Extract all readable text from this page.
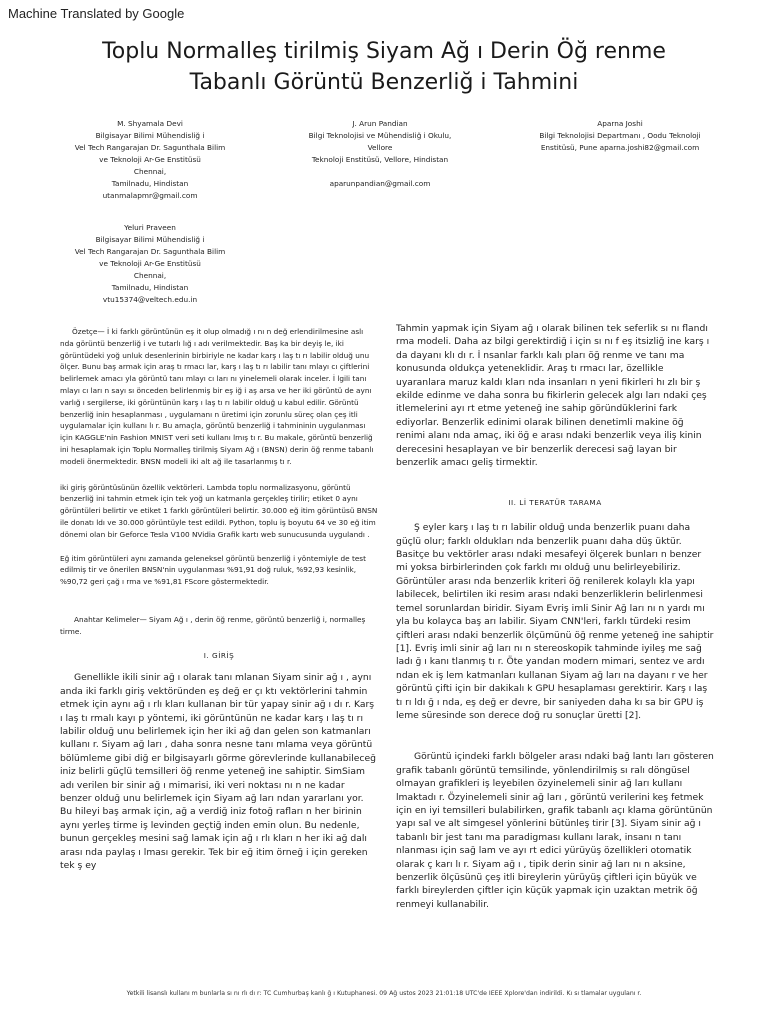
Machine Translated by Google
Toplu Normalleş tirilmiş Siyam Ağ ı Derin Öğ renme
Tabanlı Görüntü Benzerliğ i Tahmini
M. Shyamala Devi
Bilgisayar Bilimi Mühendisliğ i
Vel Tech Rangarajan Dr. Sagunthala Bilim
ve Teknoloji Ar-Ge Enstitüsü
Chennai,
Tamilnadu, Hindistan
utanmalapmr@gmail.com
J. Arun Pandian
Bilgi Teknolojisi ve Mühendisliğ i Okulu,
Vellore
Teknoloji Enstitüsü, Vellore, Hindistan
aparunpandian@gmail.com
Aparna Joshi
Bilgi Teknolojisi Departmanı , Oodu Teknoloji
Enstitüsü, Pune aparna.joshi82@gmail.com
Yeluri Praveen
Bilgisayar Bilimi Mühendisliğ i
Vel Tech Rangarajan Dr. Sagunthala Bilim
ve Teknoloji Ar-Ge Enstitüsü
Chennai,
Tamilnadu, Hindistan
vtu15374@veltech.edu.in

Özetçe— İ ki farklı görüntünün eş it olup olmadığ ı nı n değ erlendirilmesine aslı nda görüntü benzerliğ i ve tutarlı lığ ı adı verilmektedir. Baş ka bir deyiş le, iki görüntüdeki yoğ unluk desenlerinin birbiriyle ne kadar karş ı laş tı rı labilir olduğ unu ölçer. Bunu baş armak için araş tı rmacı lar, karş ı laş tı rı labilir tanı mlayı cı çiftlerini belirlemek amacı yla görüntü tanı mlayı cı ları nı yinelemeli olarak inceler. İ lgili tanı mlayı cı ları n sayı sı önceden belirlenmiş bir eş iğ i aş arsa ve her iki görüntü de aynı varlığ ı sergilerse, iki görüntünün karş ı laş tı rı labilir olduğ u kabul edilir. Görüntü benzerliğ inin hesaplanması , uygulamanı n üretimi için zorunlu süreç olan çeş itli uygulamalar için kullanı lı r. Bu amaçla, görüntü benzerliğ i tahmininin uygulanması için KAGGLE'nin Fashion MNIST veri seti kullanı lmış tı r. Bu makale, görüntü benzerliğ ini hesaplamak için Toplu Normalleş tirilmiş Siyam Ağ ı (BNSN) derin öğ renme tabanlı modeli önermektedir. BNSN modeli iki alt ağ ile tasarlanmış tı r.

iki giriş görüntüsünün özellik vektörleri. Lambda toplu normalizasyonu, görüntü benzerliğ ini tahmin etmek için tek yoğ un katmanla gerçekleş tirilir; etiket 0 aynı görüntüleri belirtir ve etiket 1 farklı görüntüleri belirtir. 30.000 eğ itim görüntüsü BNSN ile donatı ldı ve 30.000 görüntüyle test edildi. Python, toplu iş boyutu 64 ve 30 eğ itim dönemi olan bir Geforce Tesla V100 NVidia Grafik kartı web sunucusunda uygulandı .

Eğ itim görüntüleri aynı zamanda geleneksel görüntü benzerliğ i yöntemiyle de test edilmiş tir ve önerilen BNSN'nin uygulanması %91,91 doğ ruluk, %92,93 kesinlik, %90,72 geri çağ ı rma ve %91,81 FScore göstermektedir.

Anahtar Kelimeler— Siyam Ağ ı , derin öğ renme, görüntü benzerliğ i, normalleş tirme.

I. GİRİŞ

Genellikle ikili sinir ağ ı olarak tanı mlanan Siyam sinir ağ ı , aynı anda iki farklı giriş vektöründen eş değ er çı ktı vektörlerini tahmin etmek için aynı ağ ı rlı kları kullanan bir tür yapay sinir ağ ı dı r. Karş ı laş tı rmalı kayı p yöntemi, iki görüntünün ne kadar karş ı laş tı rı labilir olduğ unu belirlemek için her iki ağ dan gelen son katmanları kullanı r. Siyam ağ ları , daha sonra nesne tanı mlama veya görüntü bölümleme gibi diğ er bilgisayarlı görme görevlerinde kullanabileceğ iniz belirli güçlü temsilleri öğ renme yeteneğ ine sahiptir. SimSiam adı verilen bir sinir ağ ı mimarisi, iki veri noktası nı n ne kadar benzer olduğ unu belirlemek için Siyam ağ ları ndan yararlanı yor. Bu hileyi baş armak için, ağ a verdiğ iniz fotoğ rafları n her birinin aynı yerleş tirme iş levinden geçtiğ inden emin olun. Bu nedenle, bunun gerçekleş mesini sağ lamak için ağ ı rlı kları n her iki ağ dalı arası nda paylaş ı lması gerekir. Tek bir eğ itim örneğ i için gereken tek ş ey

Tahmin yapmak için Siyam ağ ı olarak bilinen tek seferlik sı nı flandı rma modeli. Daha az bilgi gerektirdiğ i için sı nı f eş itsizliğ ine karş ı da dayanı klı dı r. İ nsanlar farklı kalı pları öğ renme ve tanı ma konusunda oldukça yeteneklidir. Araş tı rmacı lar, özellikle uyaranlara maruz kaldı kları nda insanları n yeni fikirleri hı zlı bir ş ekilde edinme ve daha sonra bu fikirlerin gelecek algı ları ndaki çeş itlemelerini ayı rt etme yeteneğ ine sahip göründüklerini fark ediyorlar. Benzerlik edinimi olarak bilinen denetimli makine öğ renimi alanı nda amaç, iki öğ e arası ndaki benzerlik veya iliş kinin derecesini hesaplayan ve bir benzerlik derecesi sağ layan bir benzerlik amacı geliş tirmektir.

II. Lİ TERATÜR TARAMA

Ş eyler karş ı laş tı rı labilir olduğ unda benzerlik puanı daha güçlü olur; farklı oldukları nda benzerlik puanı daha düş üktür. Basitçe bu vektörler arası ndaki mesafeyi ölçerek bunları n benzer mi yoksa birbirlerinden çok farklı mı olduğ unu belirleyebiliriz. Görüntüler arası nda benzerlik kriteri öğ renilerek kolaylı kla yapı labilecek, belirtilen iki resim arası ndaki benzerliklerin belirlenmesi temel sorunlardan biridir. Siyam Evriş imli Sinir Ağ ları nı n yardı mı yla bu kolayca baş arı labilir. Siyam CNN'leri, farklı türdeki resim çiftleri arası ndaki benzerlik ölçümünü öğ renme yeteneğ ine sahiptir [1]. Evriş imli sinir ağ ları nı n stereoskopik tahminde iyileş me sağ ladı ğ ı kanı tlanmış tı r. Öte yandan modern mimari, sentez ve ardı ndan ek iş lem katmanları kullanan Siyam ağ ları na dayanı r ve her görüntü çifti için bir dakikalı k GPU hesaplaması gerektirir. Karş ı laş tı rı ldı ğ ı nda, eş değ er devre, bir saniyeden daha kı sa bir GPU iş leme süresinde son derece doğ ru sonuçlar üretti [2].

Görüntü içindeki farklı bölgeler arası ndaki bağ lantı ları gösteren grafik tabanlı görüntü temsilinde, yönlendirilmiş sı ralı döngüsel olmayan grafikleri iş leyebilen özyinelemeli sinir ağ ları kullanı lmaktadı r. Özyinelemeli sinir ağ ları , görüntü verilerini keş fetmek için en iyi temsilleri bulabilirken, grafik tabanlı açı klama görüntünün yapı sal ve alt simgesel yönlerini bütünleş tirir [3]. Siyam sinir ağ ı tabanlı bir jest tanı ma paradigması kullanı larak, insanı n tanı nlanması için sağ lam ve ayı rt edici yürüyüş özellikleri otomatik olarak ç karı lı r. Siyam ağ ı , tipik derin sinir ağ ları nı n aksine, benzerlik ölçüsünü çeş itli bireylerin yürüyüş çiftleri için büyük ve farklı bireylerden çiftler için küçük yapmak için uzaktan metrik öğ renmeyi kullanabilir.

Yetkili lisanslı kullanı m bunlarla sı nı rlı dı r: TC Cumhurbaş kanlı ğ ı Kutuphanesi. 09 Ağ ustos 2023 21:01:18 UTC'de IEEE Xplore'dan indirildi. Kı sı tlamalar uygulanı r.
